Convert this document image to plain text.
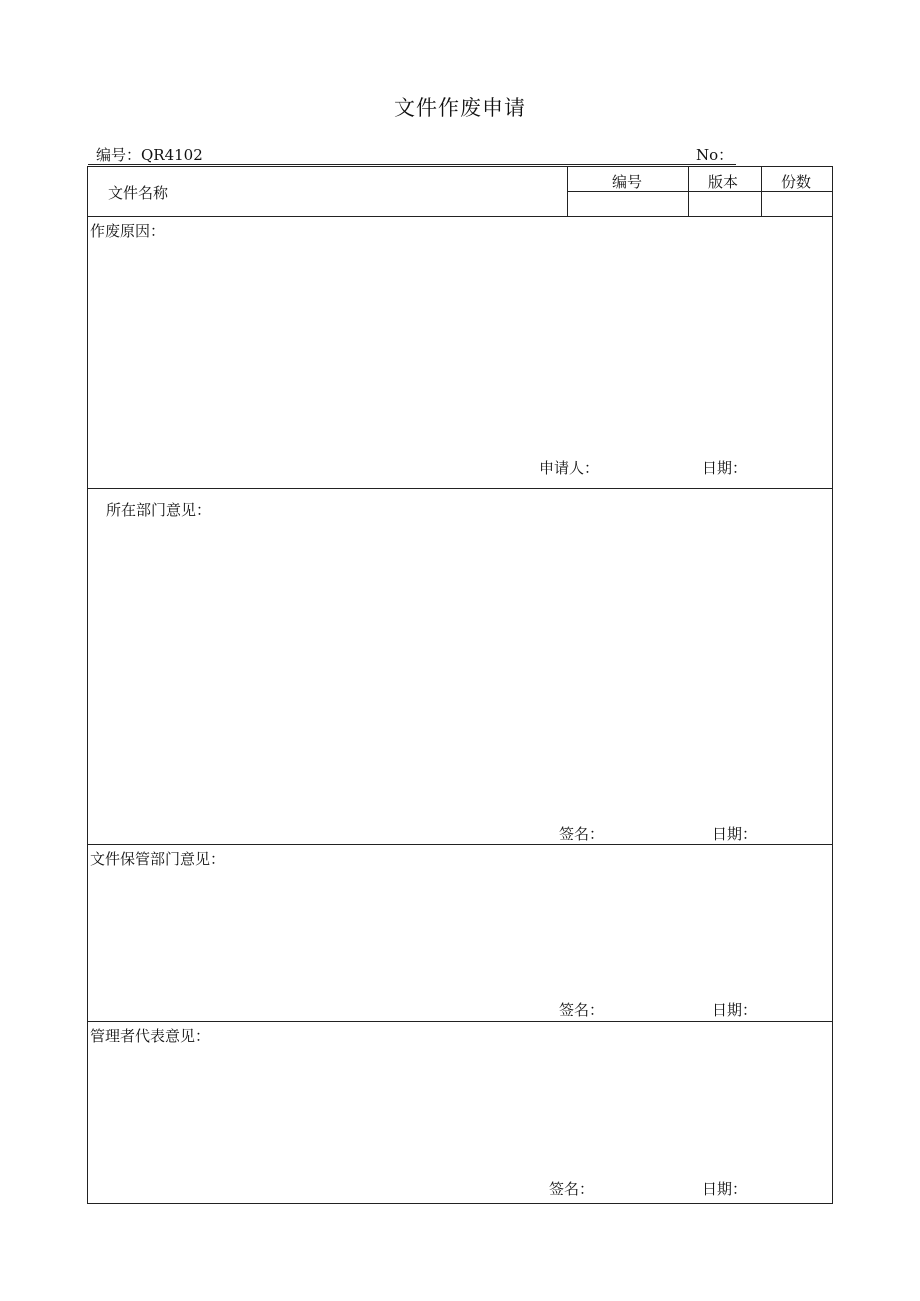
文件作废申请
编号：QR4102	No：
文件名称
编号	版本	份数
作废原因：
申请人：	日期：
所在部门意见：
签名：	日期：
文件保管部门意见：
签名：	日期：
管理者代表意见：
签名：	日期：
